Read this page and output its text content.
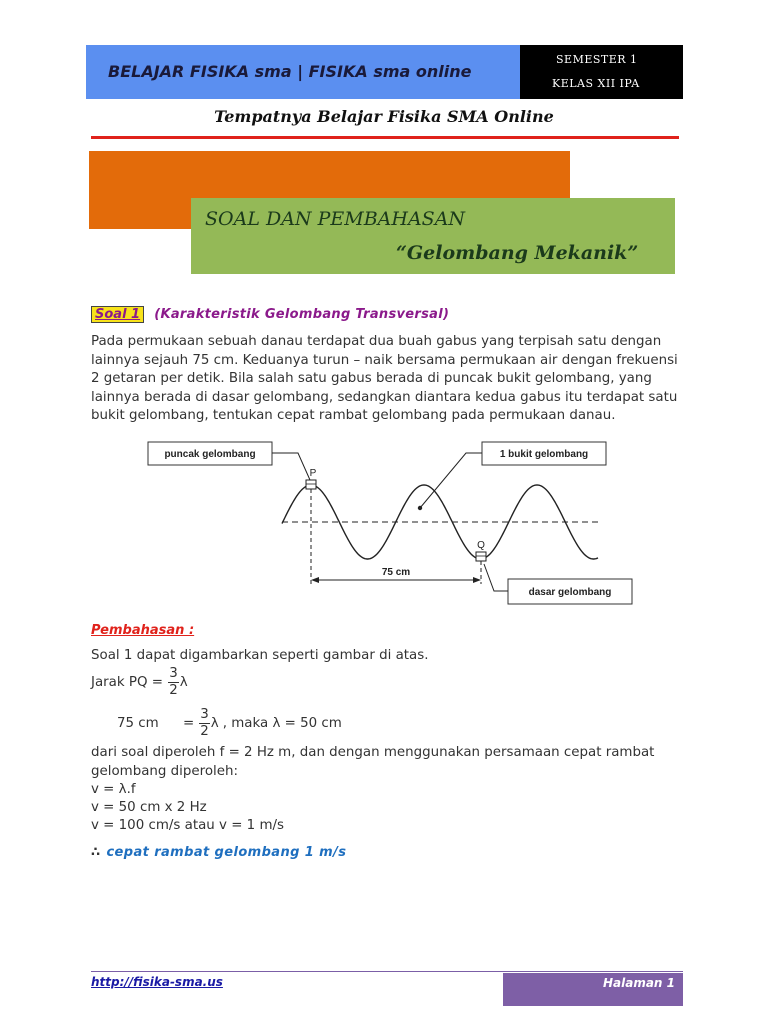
BELAJAR FISIKA sma | FISIKA sma online
SEMESTER 1
KELAS XII IPA
Tempatnya Belajar Fisika SMA Online
SOAL DAN PEMBAHASAN
“Gelombang Mekanik”
Soal 1 (Karakteristik Gelombang Transversal)
Pada permukaan sebuah danau terdapat dua buah gabus yang terpisah satu dengan
lainnya sejauh 75 cm. Keduanya turun – naik bersama permukaan air dengan frekuensi
2 getaran per detik. Bila salah satu gabus berada di puncak bukit gelombang, yang
lainnya berada di dasar gelombang, sedangkan diantara kedua gabus itu terdapat satu
bukit gelombang, tentukan cepat rambat gelombang pada permukaan danau.
puncak gelombang	1 bukit gelombang
dasar gelombang
P
Q
75 cm
Pembahasan :
Soal 1 dapat digambarkan seperti gambar di atas.
Jarak PQ = $\frac{3}{2}$ λ
75 cm = $\frac{3}{2}$ λ , maka λ = 50 cm
dari soal diperoleh f = 2 Hz m, dan dengan menggunakan persamaan cepat rambat
gelombang diperoleh:
v = λ.f
v = 50 cm x 2 Hz
v = 100 cm/s atau v = 1 m/s
∴ cepat rambat gelombang 1 m/s
http://fisika-sma.us	Halaman 1
